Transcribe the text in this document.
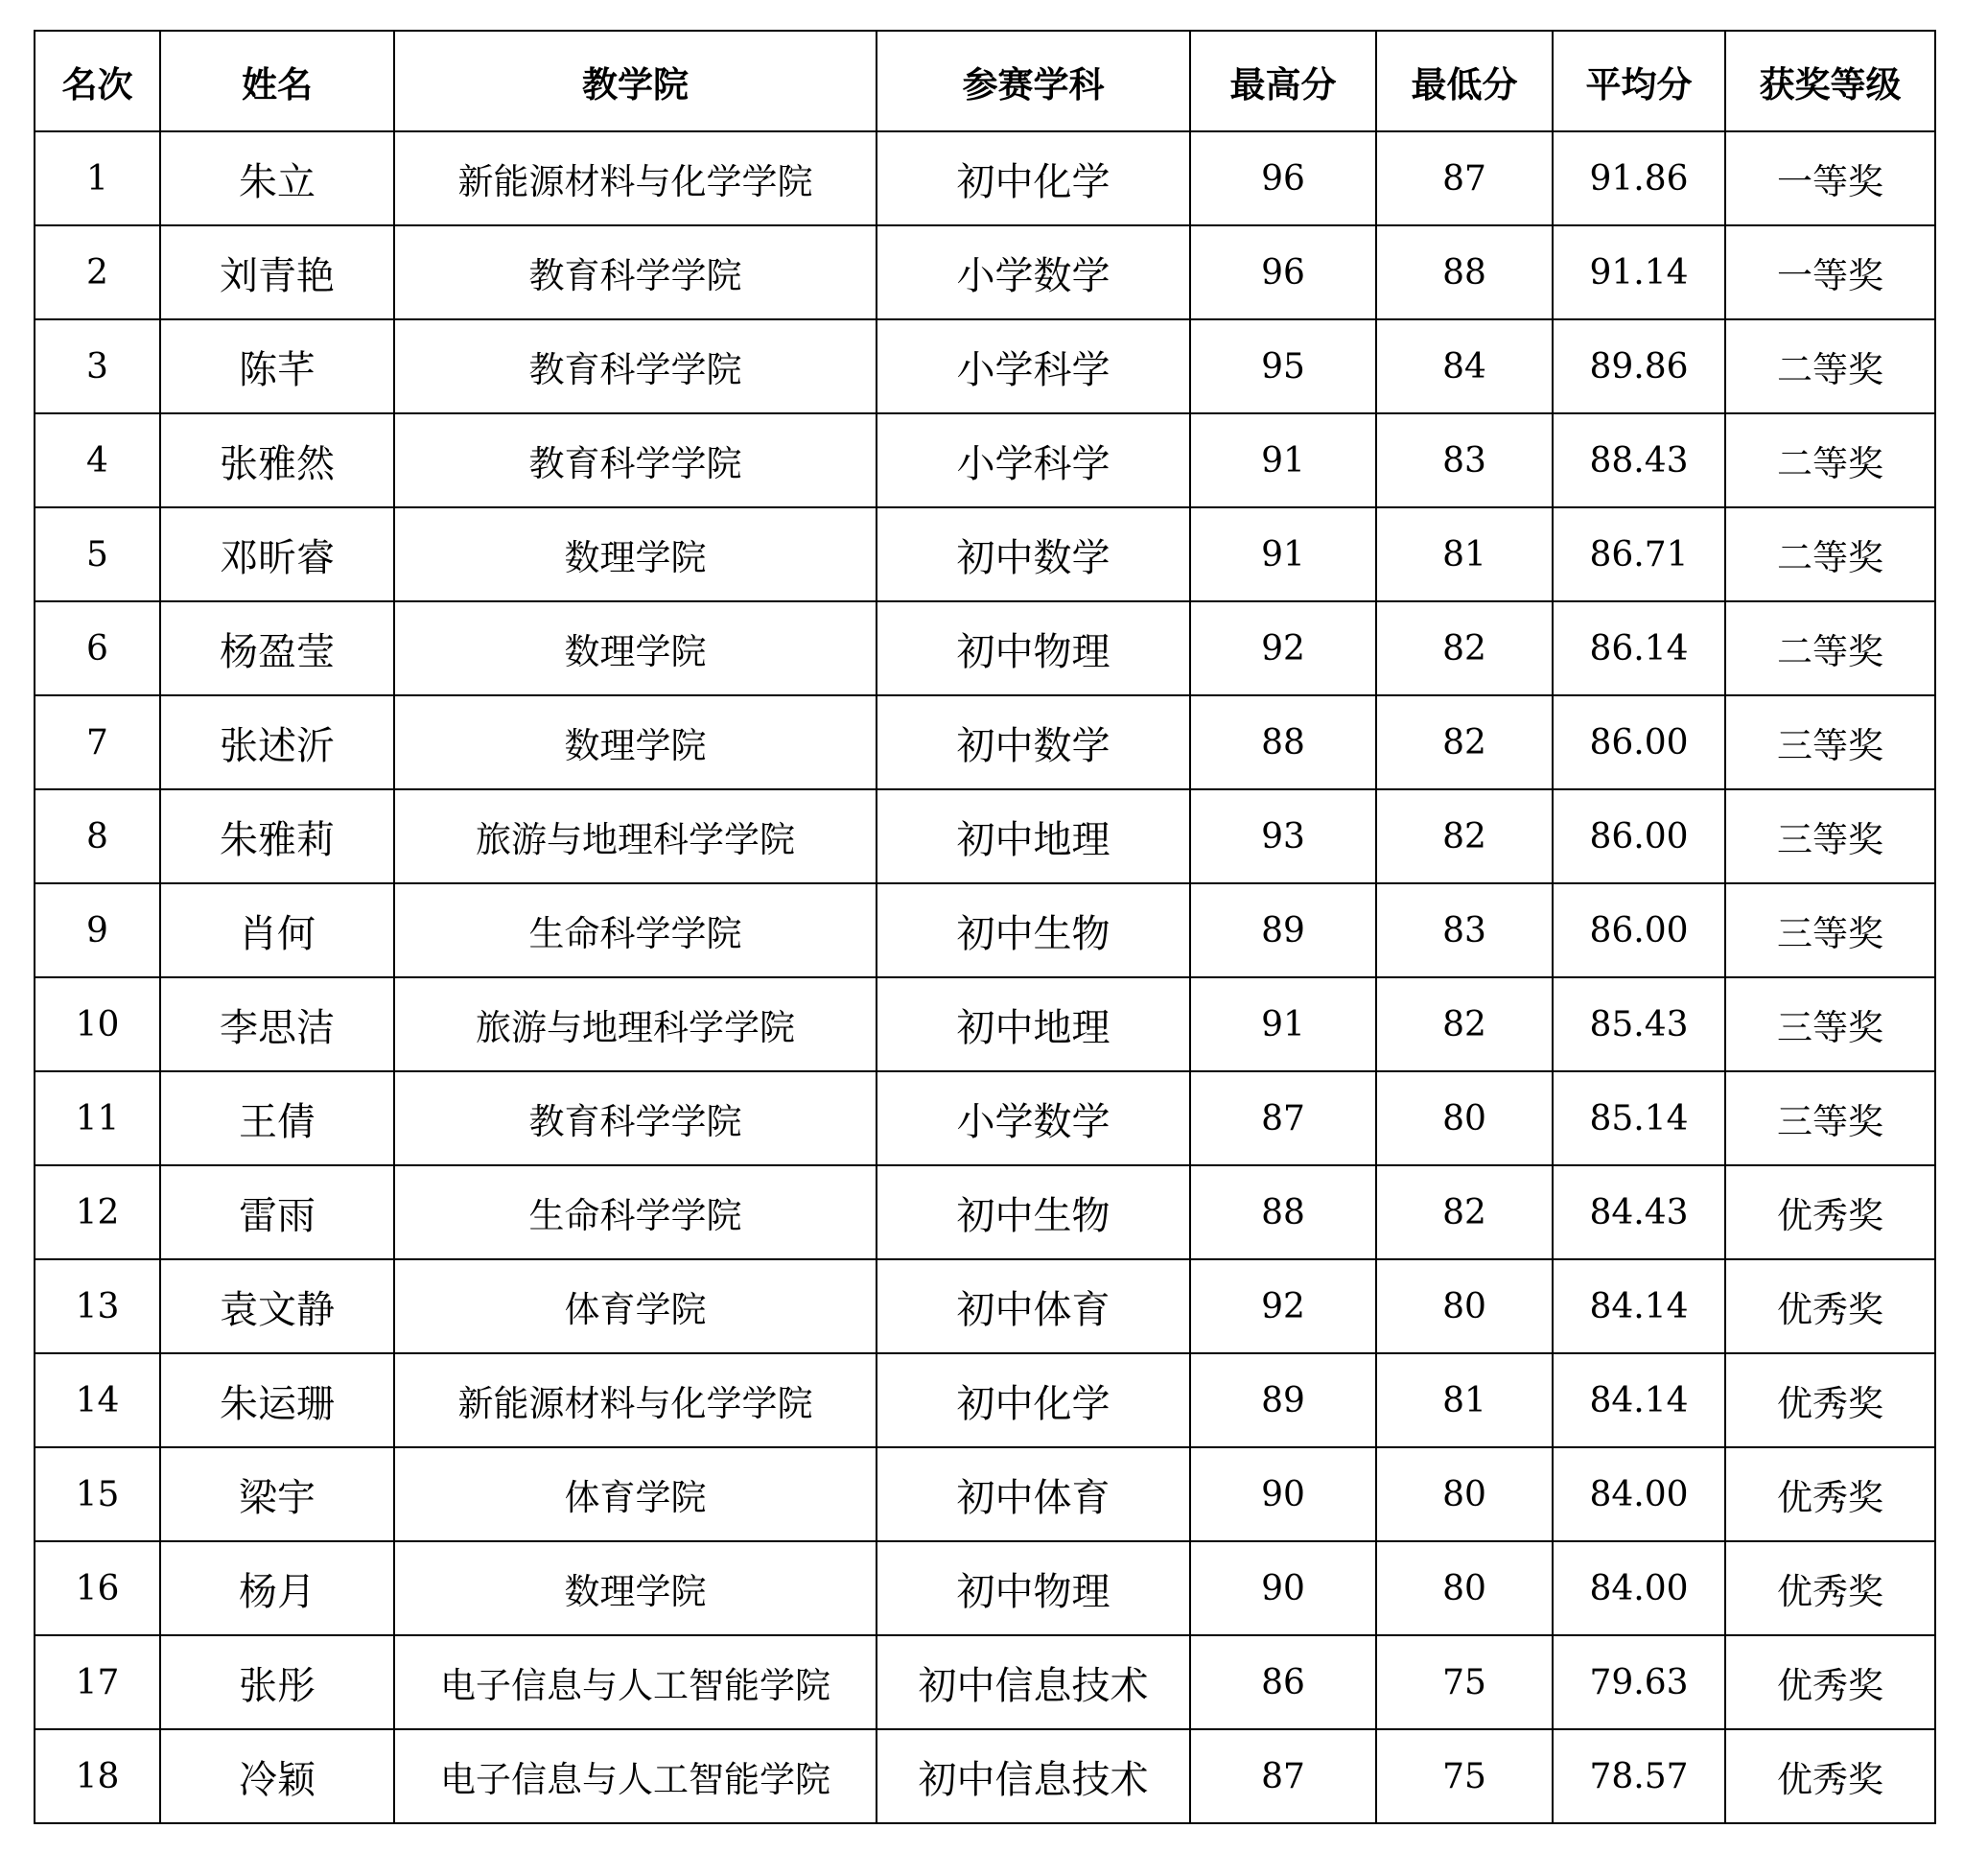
名次	姓名	教学院	参赛学科	最高分	最低分	平均分	获奖等级
1	朱立	新能源材料与化学学院	初中化学	96	87	91.86	一等奖
2	刘青艳	教育科学学院	小学数学	96	88	91.14	一等奖
3	陈芊	教育科学学院	小学科学	95	84	89.86	二等奖
4	张雅然	教育科学学院	小学科学	91	83	88.43	二等奖
5	邓昕睿	数理学院	初中数学	91	81	86.71	二等奖
6	杨盈莹	数理学院	初中物理	92	82	86.14	二等奖
7	张述沂	数理学院	初中数学	88	82	86.00	三等奖
8	朱雅莉	旅游与地理科学学院	初中地理	93	82	86.00	三等奖
9	肖何	生命科学学院	初中生物	89	83	86.00	三等奖
10	李思洁	旅游与地理科学学院	初中地理	91	82	85.43	三等奖
11	王倩	教育科学学院	小学数学	87	80	85.14	三等奖
12	雷雨	生命科学学院	初中生物	88	82	84.43	优秀奖
13	袁文静	体育学院	初中体育	92	80	84.14	优秀奖
14	朱运珊	新能源材料与化学学院	初中化学	89	81	84.14	优秀奖
15	梁宇	体育学院	初中体育	90	80	84.00	优秀奖
16	杨月	数理学院	初中物理	90	80	84.00	优秀奖
17	张彤	电子信息与人工智能学院	初中信息技术	86	75	79.63	优秀奖
18	冷颖	电子信息与人工智能学院	初中信息技术	87	75	78.57	优秀奖
